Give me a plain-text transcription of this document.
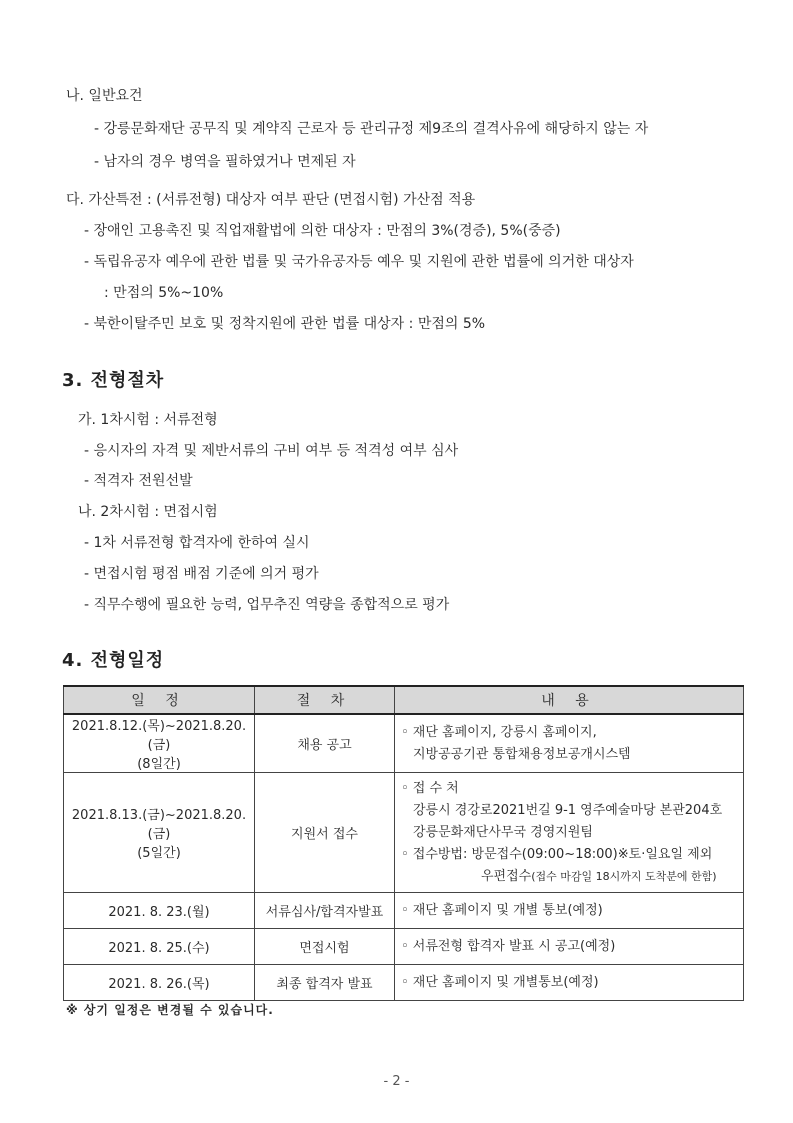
나. 일반요건
- 강릉문화재단 공무직 및 계약직 근로자 등 관리규정 제9조의 결격사유에 해당하지 않는 자
- 남자의 경우 병역을 필하였거나 면제된 자
다. 가산특전 : (서류전형) 대상자 여부 판단 (면접시험) 가산점 적용
- 장애인 고용촉진 및 직업재활법에 의한 대상자 : 만점의 3%(경증), 5%(중증)
- 독립유공자 예우에 관한 법률 및 국가유공자등 예우 및 지원에 관한 법률에 의거한 대상자
: 만점의 5%~10%
- 북한이탈주민 보호 및 정착지원에 관한 법률 대상자 : 만점의 5%
3. 전형절차
가. 1차시험 : 서류전형
- 응시자의 자격 및 제반서류의 구비 여부 등 적격성 여부 심사
- 적격자 전원선발
나. 2차시험 : 면접시험
- 1차 서류전형 합격자에 한하여 실시
- 면접시험 평점 배점 기준에 의거 평가
- 직무수행에 필요한 능력, 업무추진 역량을 종합적으로 평가
4. 전형일정
일 정	절 차	내 용

2021.8.12.(목)~2021.8.20.(금)
(8일간)	채용 공고	◦ 재단 홈페이지, 강릉시 홈페이지,
지방공공기관 통합채용정보공개시스템

2021.8.13.(금)~2021.8.20.(금)
(5일간)	지원서 접수	◦ 접 수 처
강릉시 경강로2021번길 9-1 영주예술마당 본관204호
강릉문화재단사무국 경영지원팀
◦ 접수방법: 방문접수(09:00~18:00)※토·일요일 제외
우편접수(접수 마감일 18시까지 도착분에 한함)

2021. 8. 23.(월)	서류심사/합격자발표	◦ 재단 홈페이지 및 개별 통보(예정)
2021. 8. 25.(수)	면접시험	◦ 서류전형 합격자 발표 시 공고(예정)
2021. 8. 26.(목)	최종 합격자 발표	◦ 재단 홈페이지 및 개별통보(예정)
※ 상기 일정은 변경될 수 있습니다.
- 2 -
